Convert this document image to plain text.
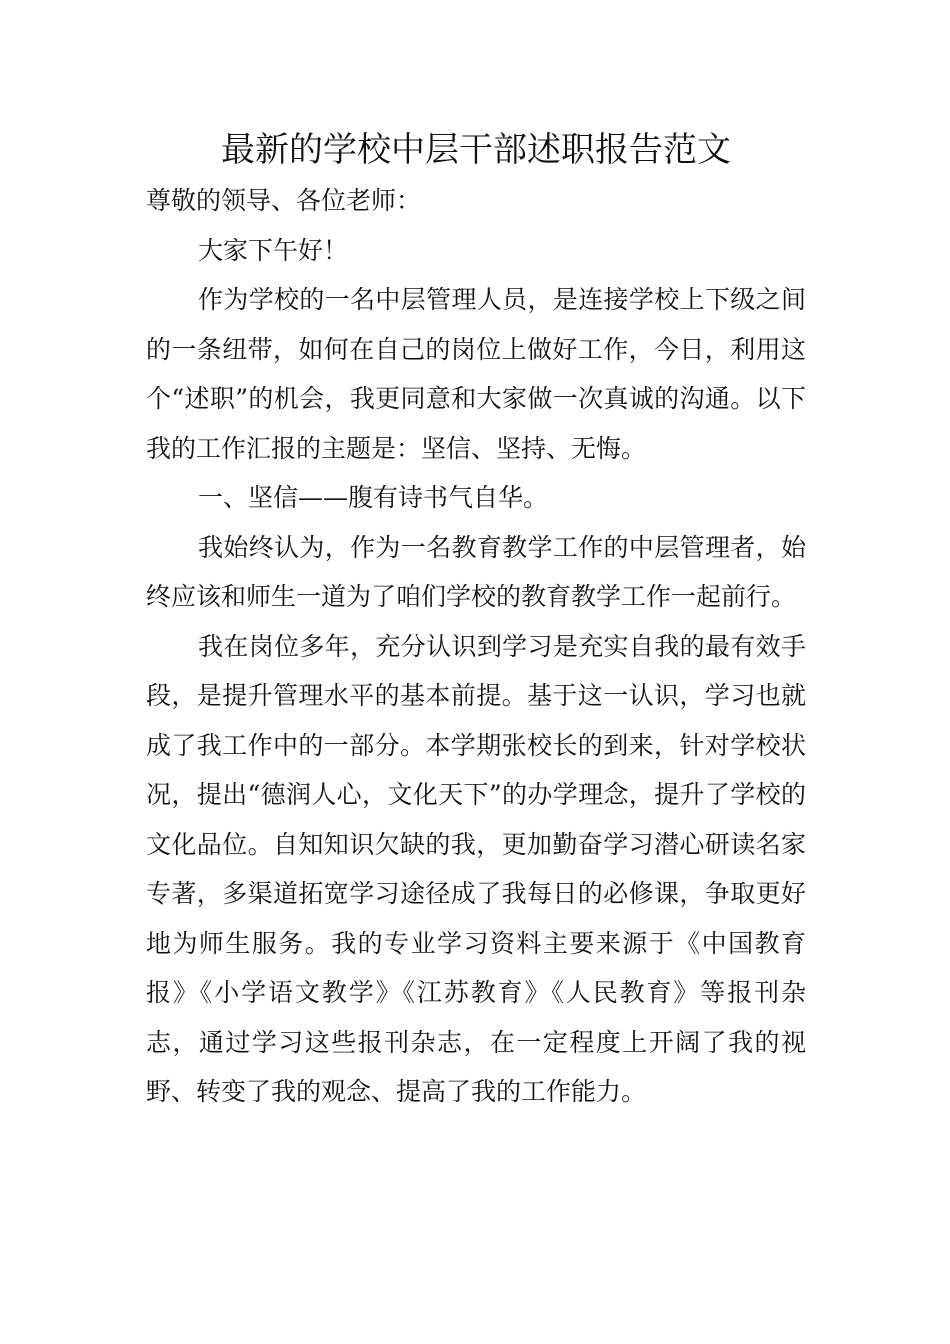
最新的学校中层干部述职报告范文

尊敬的领导、各位老师：

大家下午好！

作为学校的一名中层管理人员，是连接学校上下级之间的一条纽带，如何在自己的岗位上做好工作，今日，利用这个“述职”的机会，我更同意和大家做一次真诚的沟通。以下我的工作汇报的主题是：坚信、坚持、无悔。

一、坚信——腹有诗书气自华。

我始终认为，作为一名教育教学工作的中层管理者，始终应该和师生一道为了咱们学校的教育教学工作一起前行。

我在岗位多年，充分认识到学习是充实自我的最有效手段，是提升管理水平的基本前提。基于这一认识，学习也就成了我工作中的一部分。本学期张校长的到来，针对学校状况，提出“德润人心，文化天下”的办学理念，提升了学校的文化品位。自知知识欠缺的我，更加勤奋学习潜心研读名家专著，多渠道拓宽学习途径成了我每日的必修课，争取更好地为师生服务。我的专业学习资料主要来源于《中国教育报》《小学语文教学》《江苏教育》《人民教育》等报刊杂志，通过学习这些报刊杂志，在一定程度上开阔了我的视野、转变了我的观念、提高了我的工作能力。
